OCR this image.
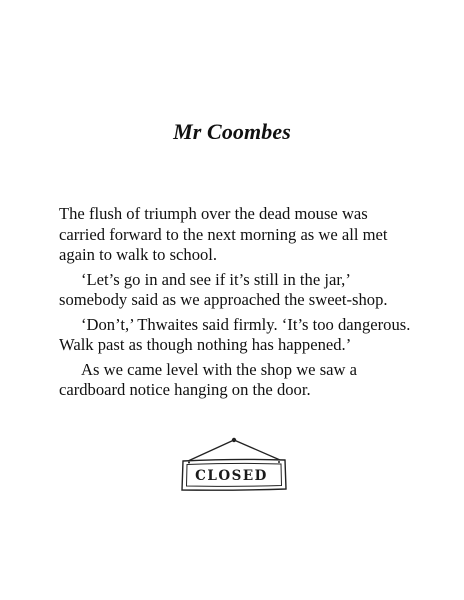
Mr Coombes

The flush of triumph over the dead mouse was carried forward to the next morning as we all met again to walk to school.

‘Let’s go in and see if it’s still in the jar,’ somebody said as we approached the sweet-shop.

‘Don’t,’ Thwaites said firmly. ‘It’s too dangerous. Walk past as though nothing has happened.’

As we came level with the shop we saw a cardboard notice hanging on the door.

CLOSED
